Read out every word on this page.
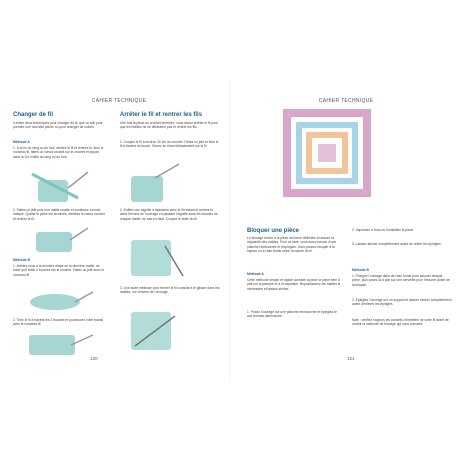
CAHIER TECHNIQUE
Changer de fil
Il existe deux techniques pour changer de fil, que ce soit pour prendre une nouvelle pelote ou pour changer de coloris.
Méthode A
1. À la fin du rang ou du tour, arrêtez le fil et rentrez-le, tirez le nouveau fil, faites un nœud coulant sur le crochet et piquez dans la 1re maille du rang ou du tour.
2. Faites un jeté puis une maille coulée et continuez comme indiqué. Quand la pièce est terminée, défaites le nœud coulant et rentrez le fil.
Méthode B
1. Arrêtez-vous à la dernière étape de la dernière maille, de sorte qu'il reste 2 boucles sur le crochet. Faites un jeté avec le nouveau fil.
2. Tirez le fil à travers les 2 boucles et poursuivez votre travail avec le nouveau fil.
Arrêter le fil et rentrer les fils
Une fois la pièce au crochet terminée, vous devez arrêter le fil pour que les mailles ne se défassent pas et rentrer les fils.
1. Coupez le fil à environ 20 cm du crochet. Faites un jeté et tirez le fil à travers la boucle. Serrez en tirant délicatement sur le fil.
2. Enfilez une aiguille à tapisserie avec le fil restant et rentrez-le dans l'envers de l'ouvrage en passant l'aiguille sous les boucles de chaque maille, de bas en haut. Coupez le reste du fil.
3. Une autre méthode pour fermer le fil consiste à le glisser dans les mailles, sur l'envers de l'ouvrage.
120
CAHIER TECHNIQUE
Bloquer une pièce
Le blocage donne à la pièce sa forme définitive et assure la régularité des mailles. Pour ce faire, vous aurez besoin d'une planche rembourrée et d'épingles. Vous pouvez bloquer à la vapeur ou à l'eau froide selon la nature du fil.
Méthode A
Cette méthode simple et rapide consiste à poser la pièce bien à plat sur la planche et à la vaporiser. Repositionnez les mailles si nécessaire et laissez sécher.
1. Posez l'ouvrage sur une planche rembourrée et épinglez-le aux bonnes dimensions.
2. Vaporisez à l'eau ou humidifiez la pièce.
3. Laissez sécher complètement avant de retirer les épingles.
Méthode B
1. Plongez l'ouvrage dans de l'eau froide pour assurer chaque pièce, puis posez-la à plat sur une serviette pour l'essorer avant de la bloquer.
2. Épinglez l'ouvrage sur un support et laissez sécher complètement avant d'enlever les épingles.
Note : vérifiez toujours les conseils d'entretien de votre fil avant de choisir la méthode de blocage qui vous convient.
121
